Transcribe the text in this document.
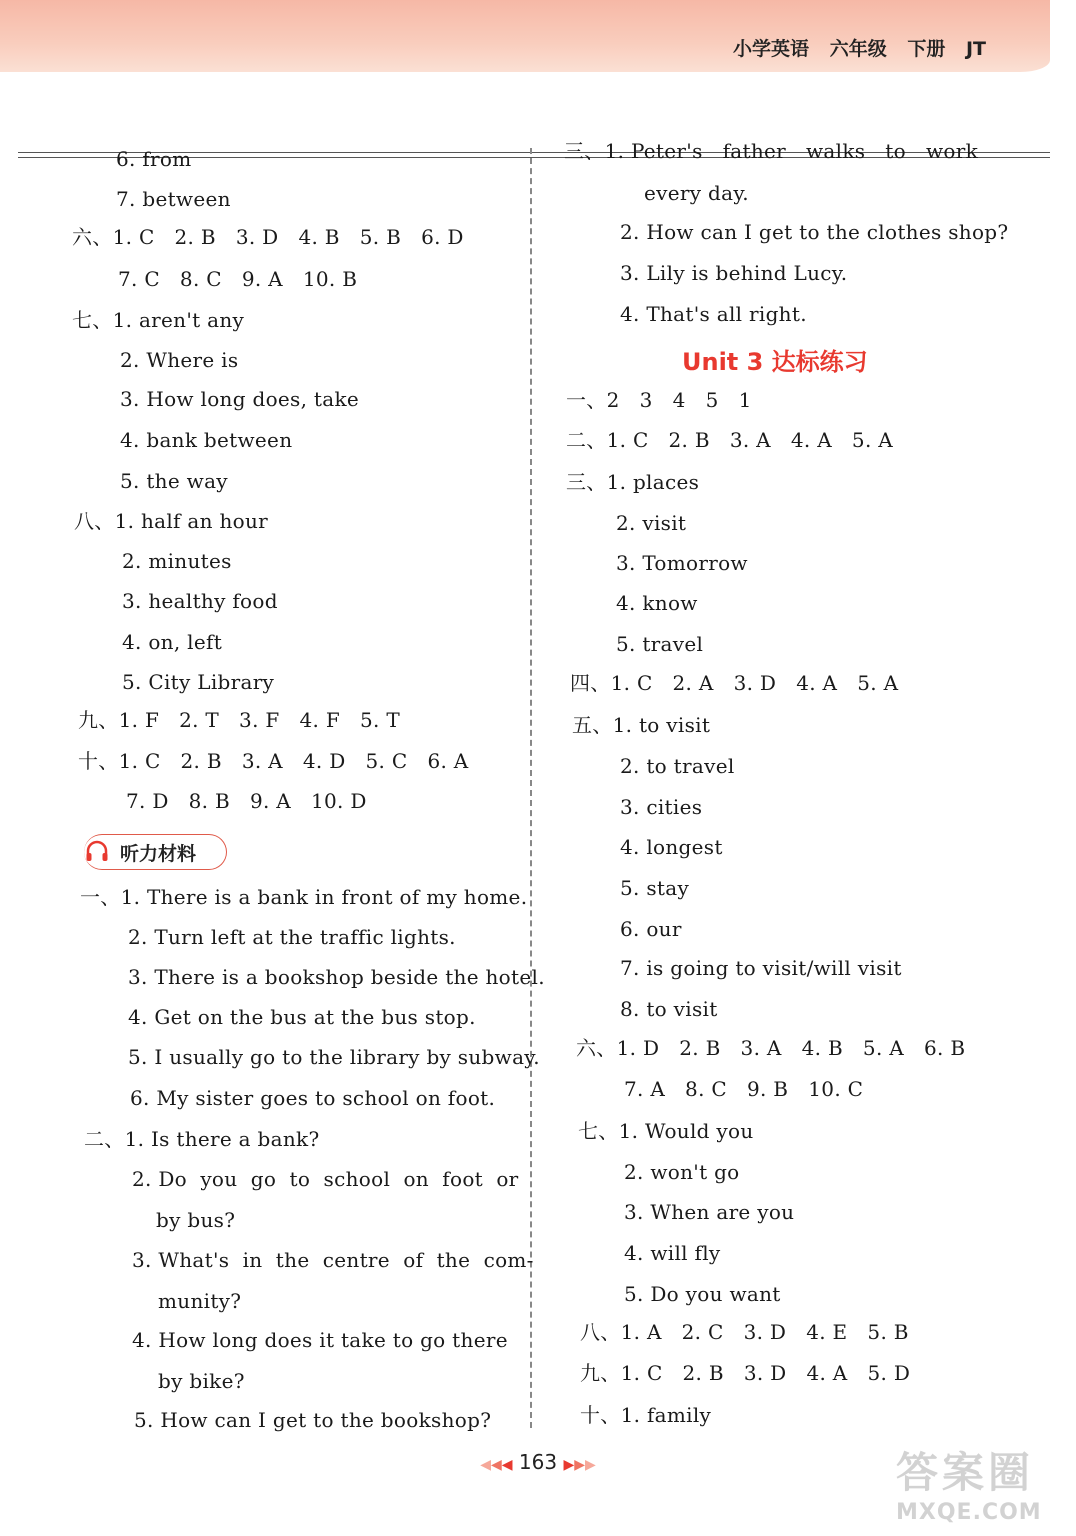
小学英语 六年级 下册 JT
6. from
7. between
六、1. C   2. B   3. D   4. B   5. B   6. D
7. C   8. C   9. A   10. B
七、1. aren't any
2. Where is
3. How long does, take
4. bank between
5. the way
八、1. half an hour
2. minutes
3. healthy food
4. on, left
5. City Library
九、1. F   2. T   3. F   4. F   5. T
十、1. C   2. B   3. A   4. D   5. C   6. A
7. D   8. B   9. A   10. D
听力材料
一、1. There is a bank in front of my home.
2. Turn left at the traffic lights.
3. There is a bookshop beside the hotel.
4. Get on the bus at the bus stop.
5. I usually go to the library by subway.
6. My sister goes to school on foot.
二、1. Is there a bank?
2. Do  you  go  to  school  on  foot  or
by bus?
3. What's  in  the  centre  of  the  com-
munity?
4. How long does it take to go there
by bike?
5. How can I get to the bookshop?
三、1. Peter's   father   walks   to   work
every day.
2. How can I get to the clothes shop?
3. Lily is behind Lucy.
4. That's all right.
Unit 3 达标练习
一、2   3   4   5   1
二、1. C   2. B   3. A   4. A   5. A
三、1. places
2. visit
3. Tomorrow
4. know
5. travel
四、1. C   2. A   3. D   4. A   5. A
五、1. to visit
2. to travel
3. cities
4. longest
5. stay
6. our
7. is going to visit/will visit
8. to visit
六、1. D   2. B   3. A   4. B   5. A   6. B
7. A   8. C   9. B   10. C
七、1. Would you
2. won't go
3. When are you
4. will fly
5. Do you want
八、1. A   2. C   3. D   4. E   5. B
九、1. C   2. B   3. D   4. A   5. D
十、1. family
◀◀◀ 163 ▶▶▶	答案圈
MXQE.COM
